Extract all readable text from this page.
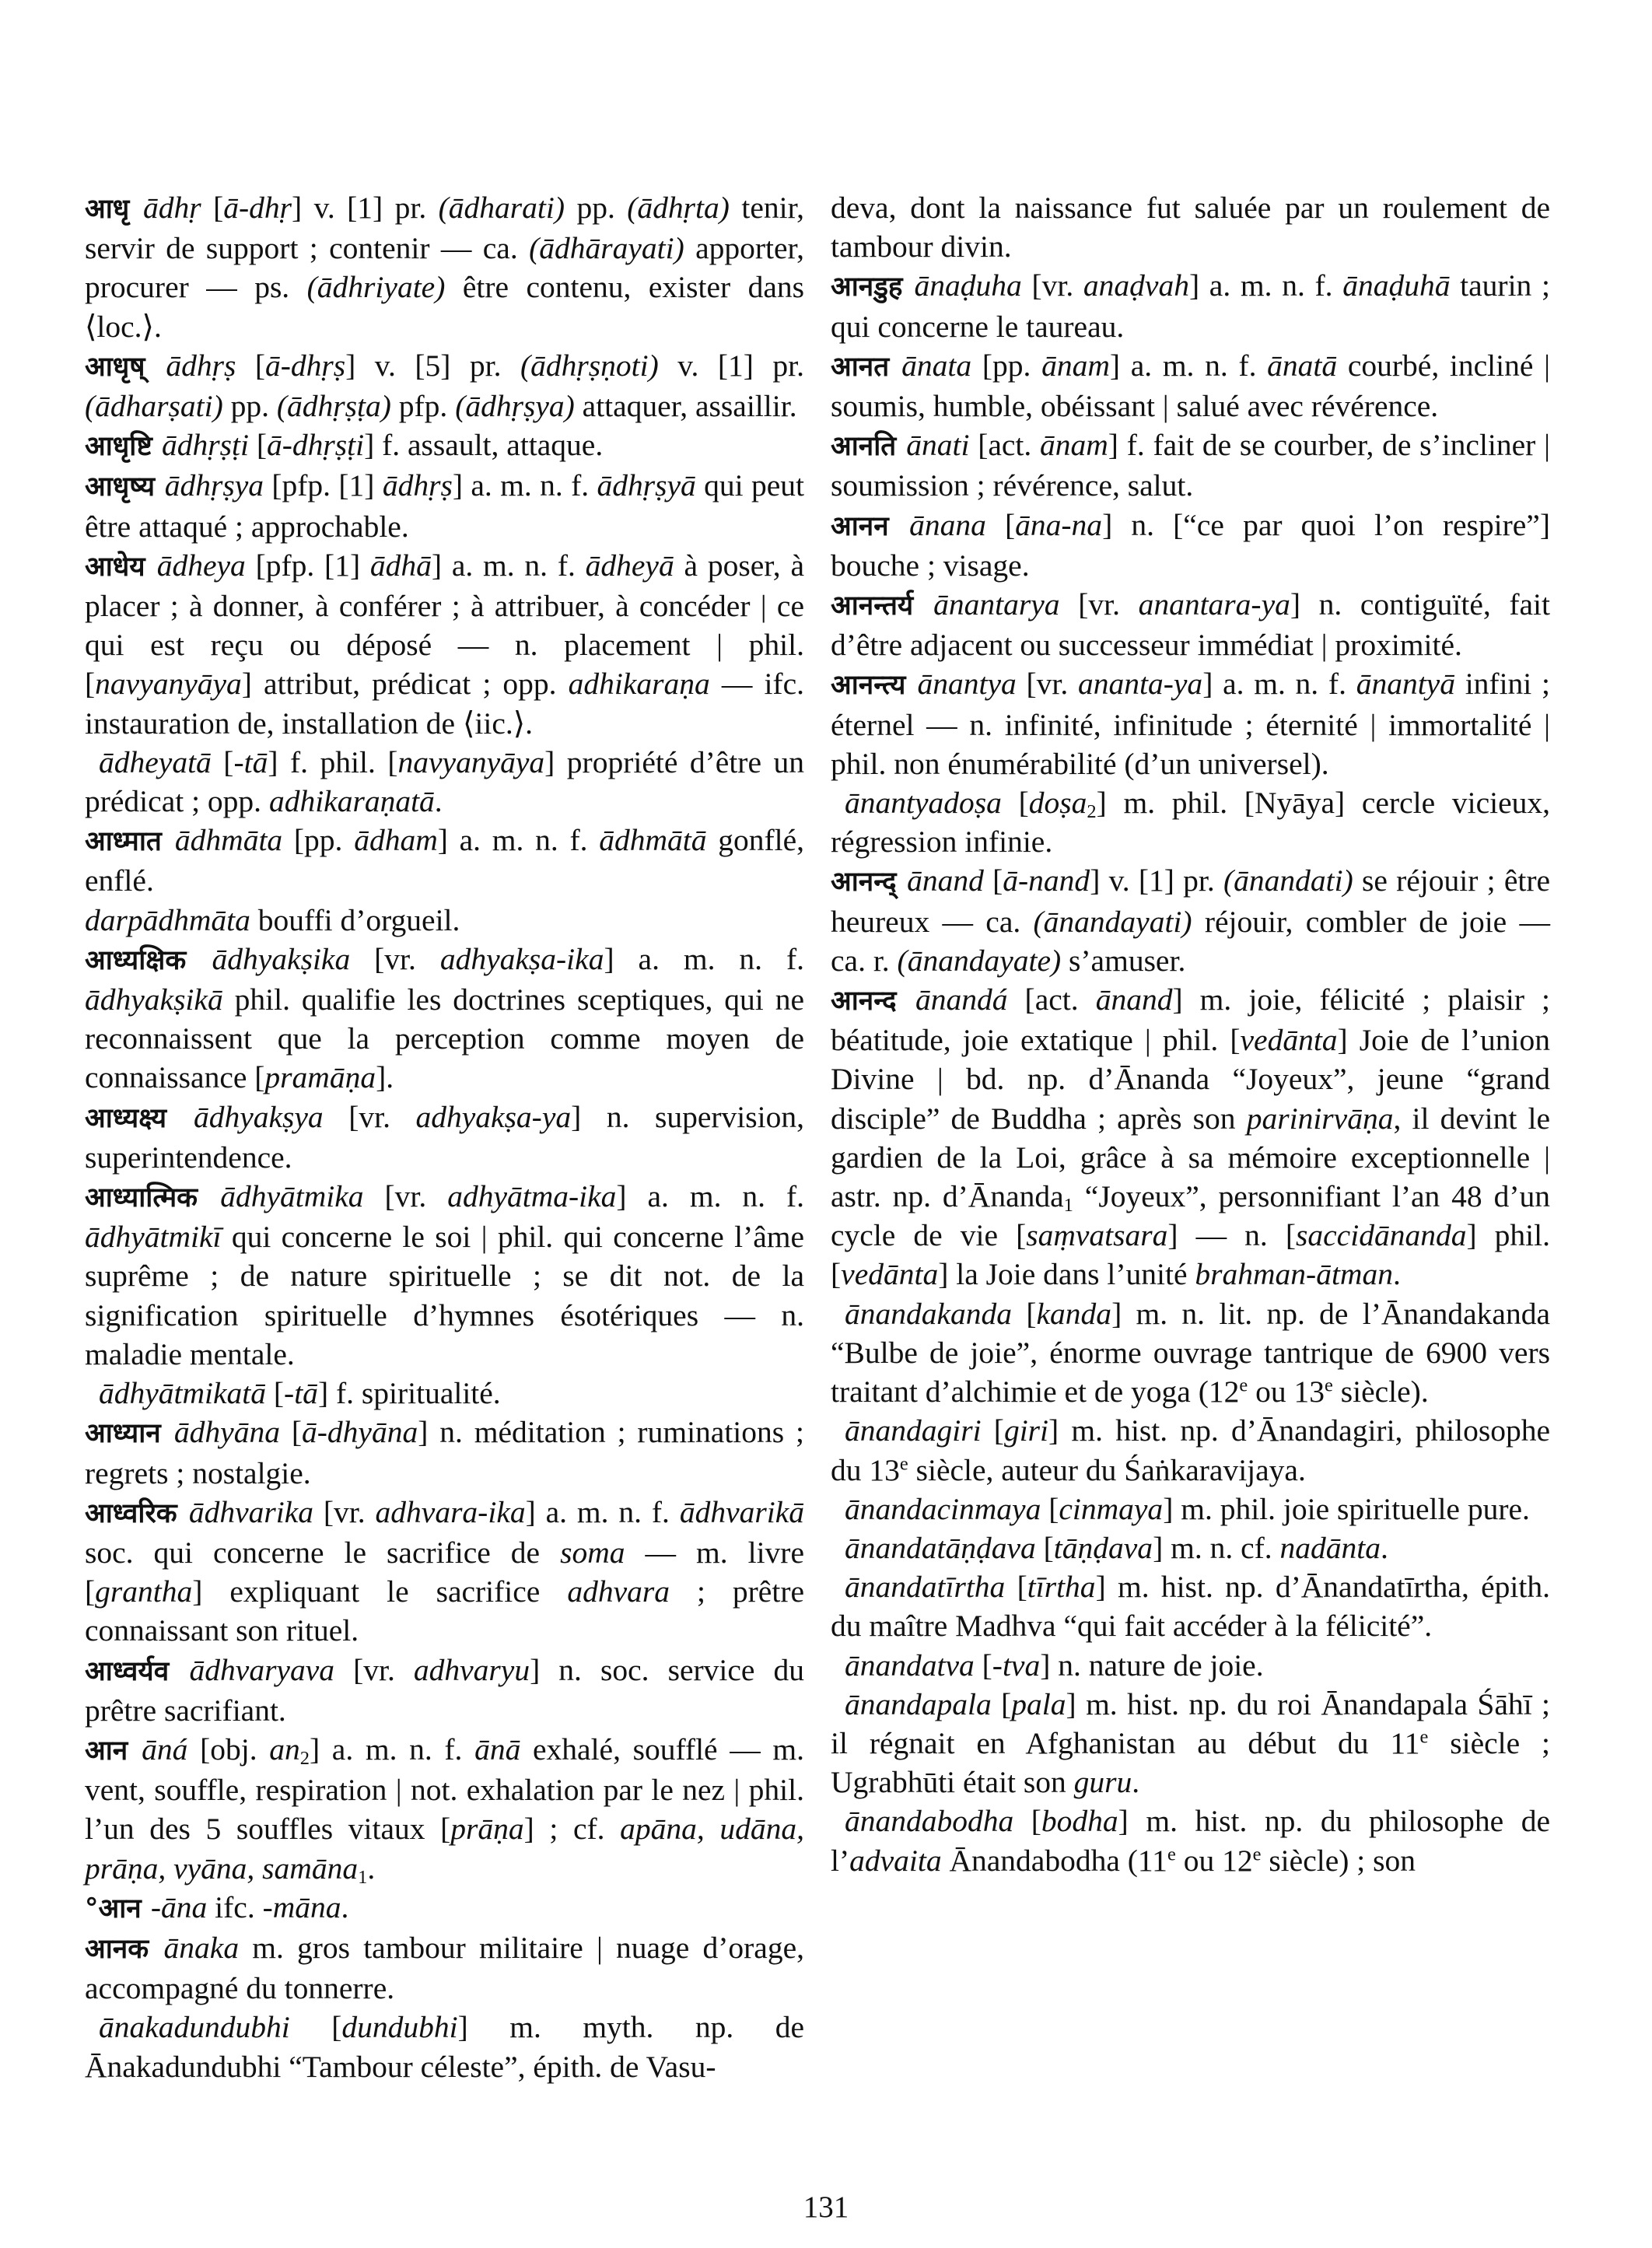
आधृ ādhṛ [ā-dhṛ] v. [1] pr. (ādharati) pp. (ādhṛta) tenir, servir de support ; contenir — ca. (ādhārayati) apporter, procurer — ps. (ādhriyate) être contenu, exister dans ⟨loc.⟩.

आधृष् ādhṛṣ [ā-dhṛṣ] v. [5] pr. (ādhṛṣṇoti) v. [1] pr. (ādharṣati) pp. (ādhṛṣṭa) pfp. (ādhṛṣya) attaquer, assaillir.

आधृष्टि ādhṛṣṭi [ā-dhṛṣṭi] f. assault, attaque.

आधृष्य ādhṛṣya [pfp. [1] ādhṛṣ] a. m. n. f. ādhṛṣyā qui peut être attaqué ; approchable.

आधेय ādheya [pfp. [1] ādhā] a. m. n. f. ādheyā à poser, à placer ; à donner, à conférer ; à attribuer, à concéder | ce qui est reçu ou déposé — n. placement | phil. [navyanyāya] attribut, prédicat ; opp. adhikaraṇa — ifc. instauration de, installation de ⟨iic.⟩.

ādheyatā [-tā] f. phil. [navyanyāya] propriété d’être un prédicat ; opp. adhikaraṇatā.

आध्मात ādhmāta [pp. ādham] a. m. n. f. ādhmātā gonflé, enflé.

darpādhmāta bouffi d’orgueil.

आध्यक्षिक ādhyakṣika [vr. adhyakṣa-ika] a. m. n. f. ādhyakṣikā phil. qualifie les doctrines sceptiques, qui ne reconnaissent que la perception comme moyen de connaissance [pramāṇa].

आध्यक्ष्य ādhyakṣya [vr. adhyakṣa-ya] n. supervision, superintendence.

आध्यात्मिक ādhyātmika [vr. adhyātma-ika] a. m. n. f. ādhyātmikī qui concerne le soi | phil. qui concerne l’âme suprême ; de nature spirituelle ; se dit not. de la signification spirituelle d’hymnes ésotériques — n. maladie mentale.

ādhyātmikatā [-tā] f. spiritualité.

आध्यान ādhyāna [ā-dhyāna] n. méditation ; ruminations ; regrets ; nostalgie.

आध्वरिक ādhvarika [vr. adhvara-ika] a. m. n. f. ādhvarikā soc. qui concerne le sacrifice de soma — m. livre [grantha] expliquant le sacrifice adhvara ; prêtre connaissant son rituel.

आध्वर्यव ādhvaryava [vr. adhvaryu] n. soc. service du prêtre sacrifiant.

आन āná [obj. $an_2$] a. m. n. f. ānā exhalé, soufflé — m. vent, souffle, respiration | not. exhalation par le nez | phil. l’un des 5 souffles vitaux [prāṇa] ; cf. apāna, udāna, prāṇa, vyāna, samāna$_1$.

°आन -āna ifc. -māna.

आनक ānaka m. gros tambour militaire | nuage d’orage, accompagné du tonnerre.

ānakadundubhi [dundubhi] m. myth. np. de Ānakadundubhi “Tambour céleste”, épith. de Vasu-

deva, dont la naissance fut saluée par un roulement de tambour divin.

आनडुह ānaḍuha [vr. anaḍvah] a. m. n. f. ānaḍuhā taurin ; qui concerne le taureau.

आनत ānata [pp. ānam] a. m. n. f. ānatā courbé, incliné | soumis, humble, obéissant | salué avec révérence.

आनति ānati [act. ānam] f. fait de se courber, de s’incliner | soumission ; révérence, salut.

आनन ānana [āna-na] n. [“ce par quoi l’on respire”] bouche ; visage.

आनन्तर्य ānantarya [vr. anantara-ya] n. contiguïté, fait d’être adjacent ou successeur immédiat | proximité.

आनन्त्य ānantya [vr. ananta-ya] a. m. n. f. ānantyā infini ; éternel — n. infinité, infinitude ; éternité | immortalité | phil. non énumérabilité (d’un universel).

ānantyadoṣa [doṣa$_2$] m. phil. [Nyāya] cercle vicieux, régression infinie.

आनन्द् ānand [ā-nand] v. [1] pr. (ānandati) se réjouir ; être heureux — ca. (ānandayati) réjouir, combler de joie — ca. r. (ānandayate) s’amuser.

आनन्द ānandá [act. ānand] m. joie, félicité ; plaisir ; béatitude, joie extatique | phil. [vedānta] Joie de l’union Divine | bd. np. d’Ānanda “Joyeux”, jeune “grand disciple” de Buddha ; après son parinirvāṇa, il devint le gardien de la Loi, grâce à sa mémoire exceptionnelle | astr. np. d’Ānanda$_1$ “Joyeux”, personnifiant l’an 48 d’un cycle de vie [saṃvatsara] — n. [saccidānanda] phil. [vedānta] la Joie dans l’unité brahman-ātman.

ānandakanda [kanda] m. n. lit. np. de l’Ānandakanda “Bulbe de joie”, énorme ouvrage tantrique de 6900 vers traitant d’alchimie et de yoga (12e ou 13e siècle).

ānandagiri [giri] m. hist. np. d’Ānandagiri, philosophe du 13e siècle, auteur du Śaṅkaravijaya.

ānandacinmaya [cinmaya] m. phil. joie spirituelle pure.

ānandatāṇḍava [tāṇḍava] m. n. cf. nadānta.

ānandatīrtha [tīrtha] m. hist. np. d’Ānandatīrtha, épith. du maître Madhva “qui fait accéder à la félicité”.

ānandatva [-tva] n. nature de joie.

ānandapala [pala] m. hist. np. du roi Ānandapala Śāhī ; il régnait en Afghanistan au début du 11e siècle ; Ugrabhūti était son guru.

ānandabodha [bodha] m. hist. np. du philosophe de l’advaita Ānandabodha (11e ou 12e siècle) ; son

131
